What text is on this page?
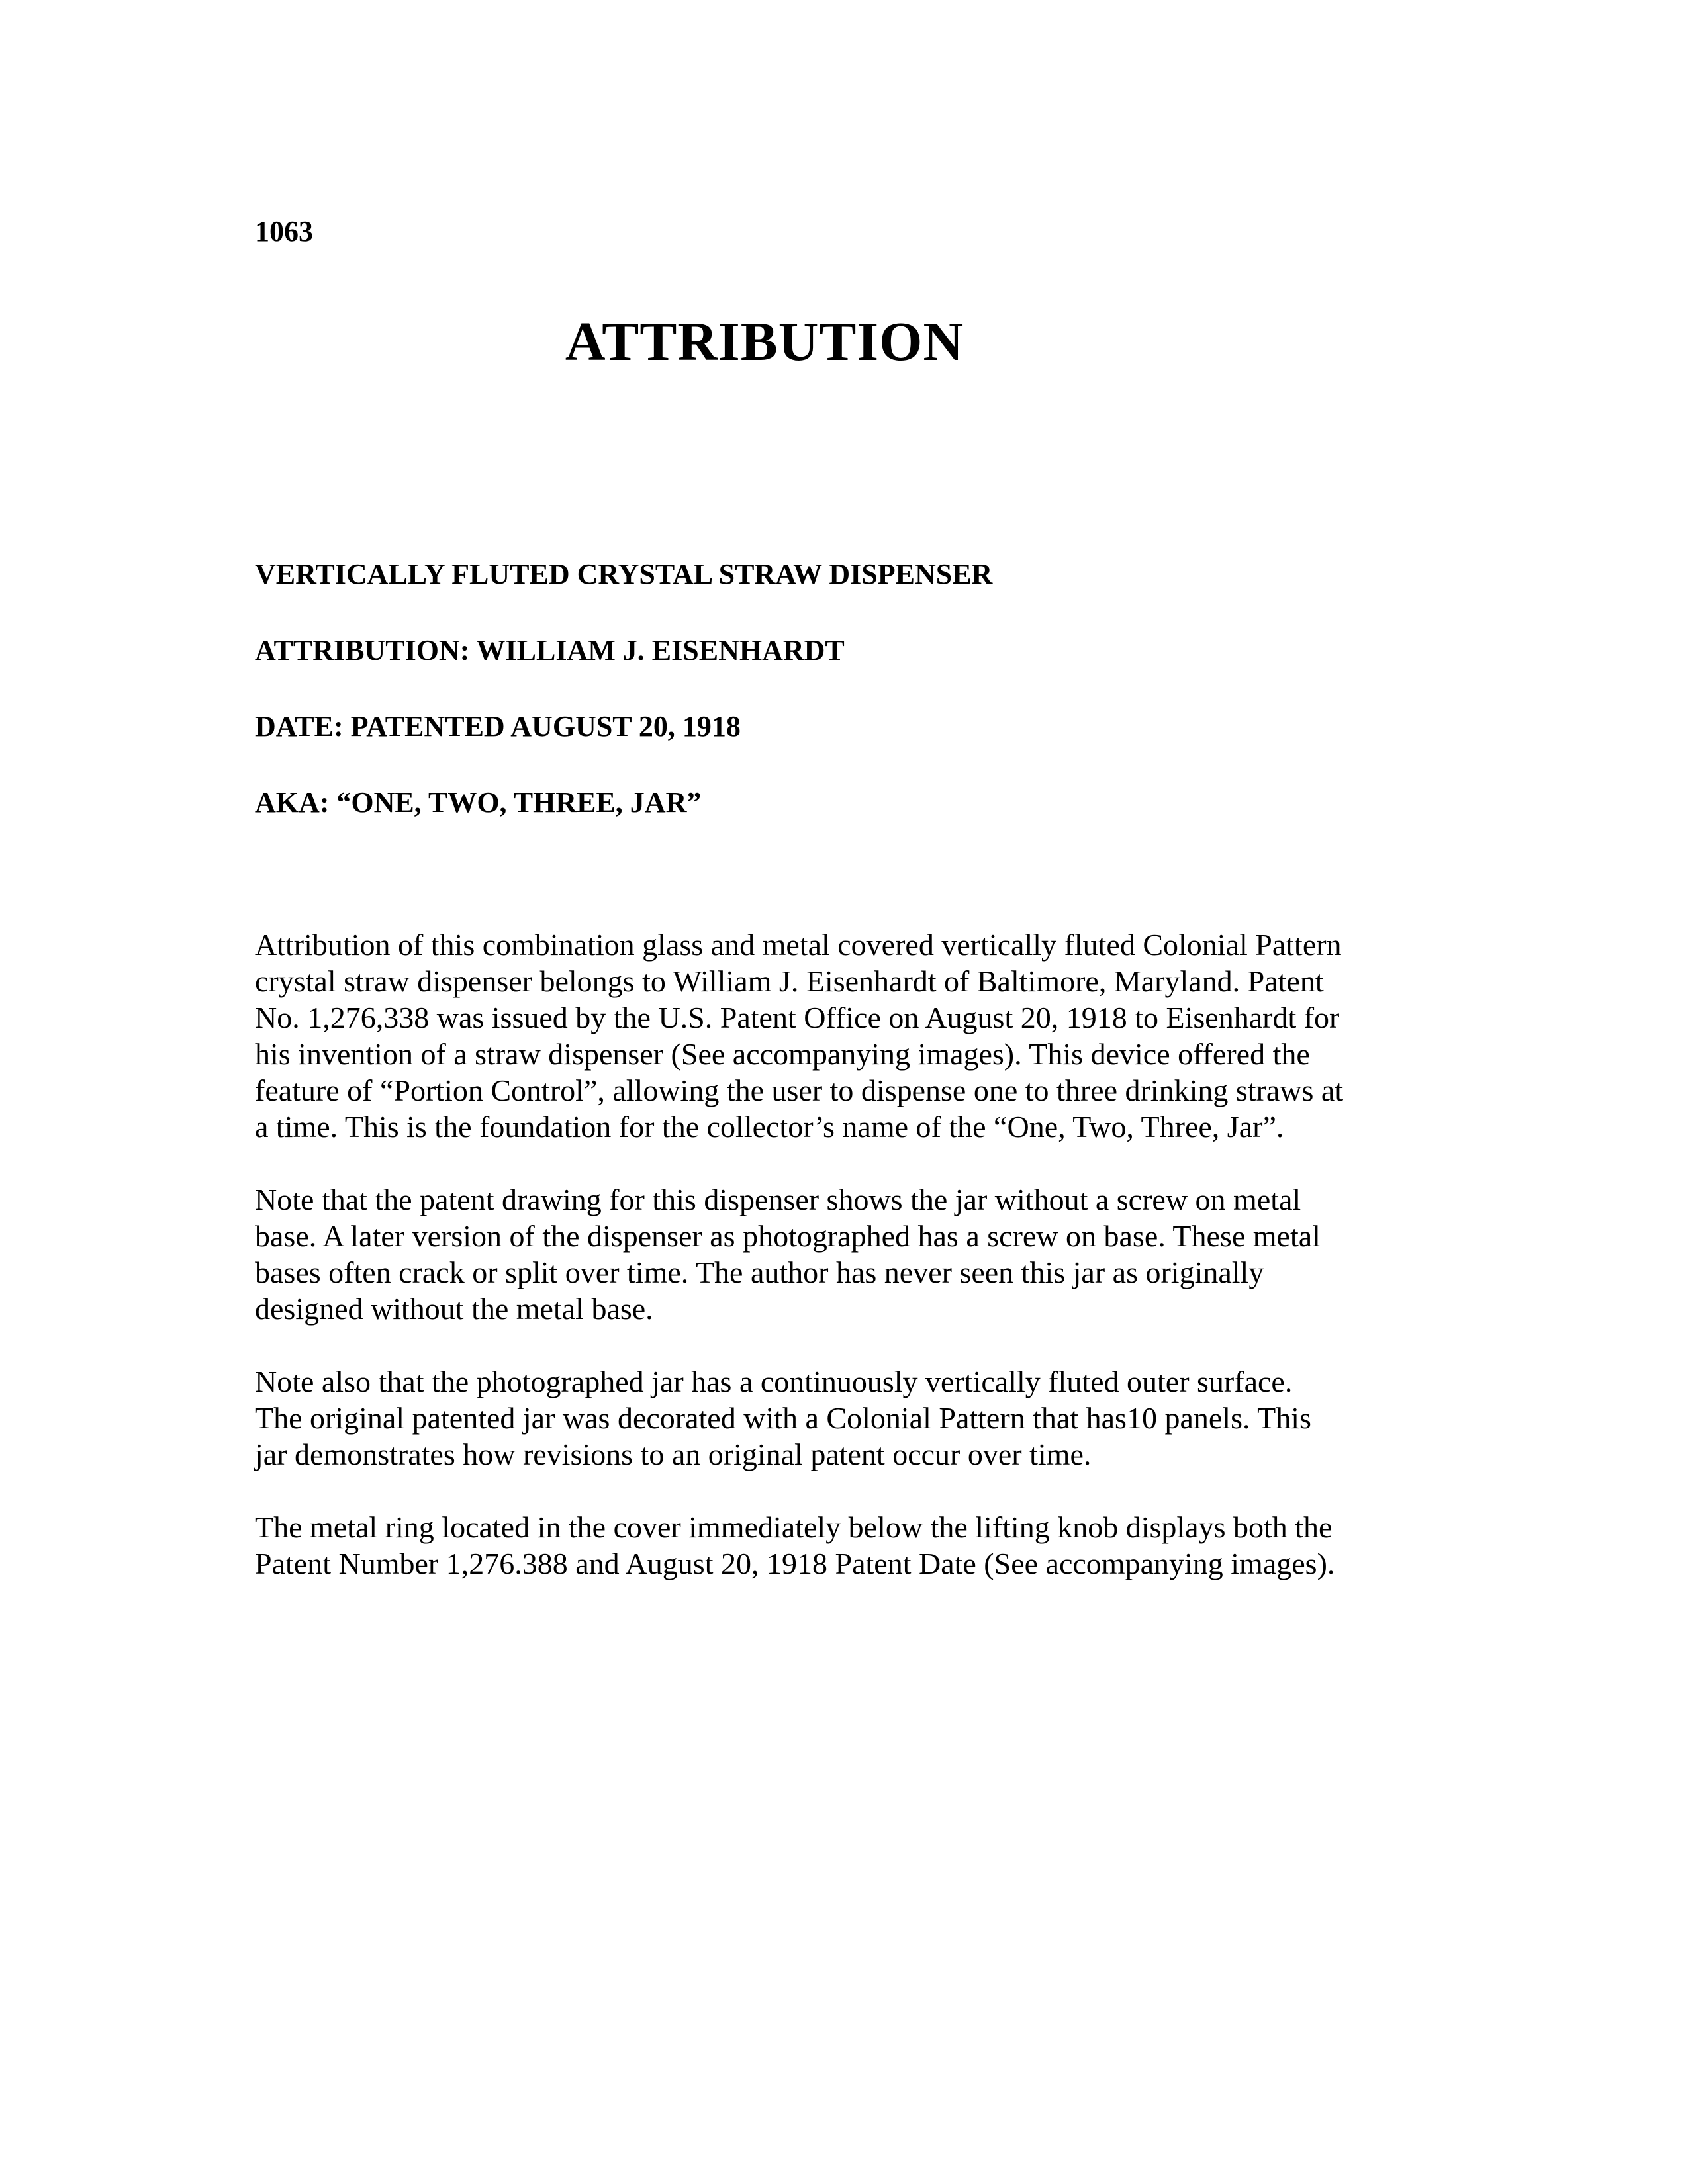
1063
ATTRIBUTION

VERTICALLY FLUTED CRYSTAL STRAW DISPENSER

ATTRIBUTION: WILLIAM J. EISENHARDT

DATE: PATENTED AUGUST 20, 1918

AKA: “ONE, TWO, THREE, JAR”

Attribution of this combination glass and metal covered vertically fluted Colonial Pattern
crystal straw dispenser belongs to William J. Eisenhardt of Baltimore, Maryland. Patent
No. 1,276,338 was issued by the U.S. Patent Office on August 20, 1918 to Eisenhardt for
his invention of a straw dispenser (See accompanying images). This device offered the
feature of “Portion Control”, allowing the user to dispense one to three drinking straws at
a time. This is the foundation for the collector’s name of the “One, Two, Three, Jar”.

Note that the patent drawing for this dispenser shows the jar without a screw on metal
base. A later version of the dispenser as photographed has a screw on base. These metal
bases often crack or split over time. The author has never seen this jar as originally
designed without the metal base.

Note also that the photographed jar has a continuously vertically fluted outer surface.
The original patented jar was decorated with a Colonial Pattern that has10 panels. This
jar demonstrates how revisions to an original patent occur over time.

The metal ring located in the cover immediately below the lifting knob displays both the
Patent Number 1,276.388 and August 20, 1918 Patent Date (See accompanying images).
